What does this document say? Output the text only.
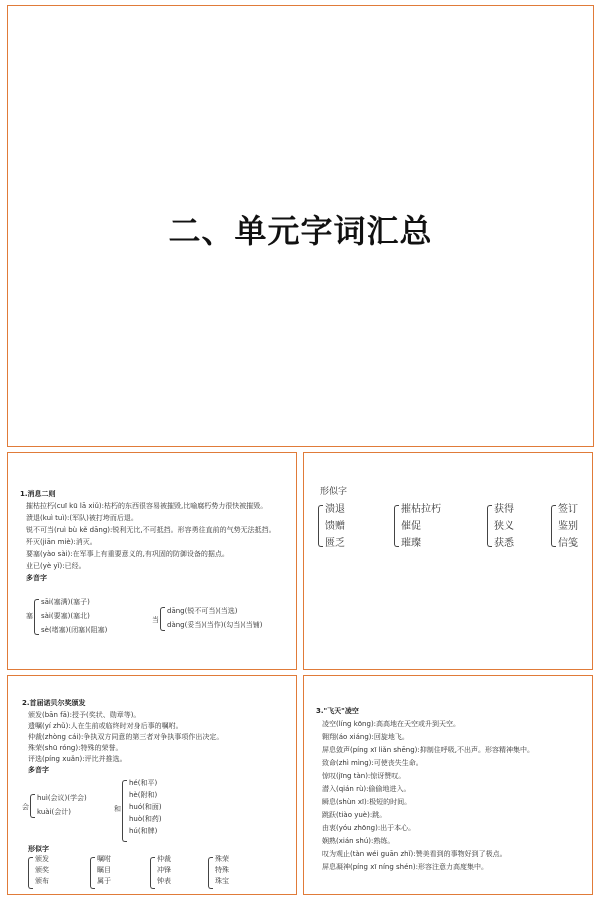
二、单元字词汇总
1.消息二则
摧枯拉朽(cuī kū lā xiǔ):枯朽的东西很容易被摧毁,比喻腐朽势力很快被摧毁。
溃退(kuì tuì):(军队)被打垮而后退。
锐不可当(ruì bù kě dāng):锐利无比,不可抵挡。形容勇往直前的气势无法抵挡。
歼灭(jiān miè):消灭。
要塞(yào sài):在军事上有重要意义的,有巩固的防御设备的据点。
业已(yè yǐ):已经。
多音字
塞
sāi(塞满)(塞子)
sài(要塞)(塞北)
sè(堵塞)(闭塞)(阻塞)
当
dāng(锐不可当)(当选)
dàng(妥当)(当作)(勾当)(当铺)
形似字
溃退
馈赠
匮乏
摧枯拉朽
催促
璀璨
获得
狭义
获悉
签订
鉴别
信笺
2.首届诺贝尔奖颁发
颁发(bān fā):授予(奖状、勋章等)。
遗嘱(yí zhǔ):人在生前或临终时对身后事的嘱咐。
仲裁(zhòng cái):争执双方同意的第三者对争执事项作出决定。
殊荣(shū róng):特殊的荣誉。
评选(píng xuǎn):评比并推选。
多音字
会
huì(会议)(学会)
kuài(会计)	和
hé(和平)
hè(附和)
huó(和面)
huò(和药)
hú(和牌)
形似字
颁发
颁奖
颁布
嘱咐
瞩目
属于
仲裁
冲锋
钟表
殊荣
特殊
珠宝
3."飞天"凌空
凌空(líng kōng):高高地在天空或升到天空。
翱翔(áo xiáng):回旋地飞。
屏息敛声(píng xī liǎn shēng):抑制住呼吸,不出声。形容精神集中。
致命(zhì mìng):可使丧失生命。
惊叹(jīng tàn):惊讶赞叹。
潜入(qián rù):偷偷地进入。
瞬息(shùn xī):极短的时间。
跳跃(tiào yuè):跳。
由衷(yóu zhōng):出于本心。
娴熟(xián shú):熟练。
叹为观止(tàn wéi guān zhǐ):赞美看到的事物好到了极点。
屏息凝神(píng xī níng shén):形容注意力高度集中。
